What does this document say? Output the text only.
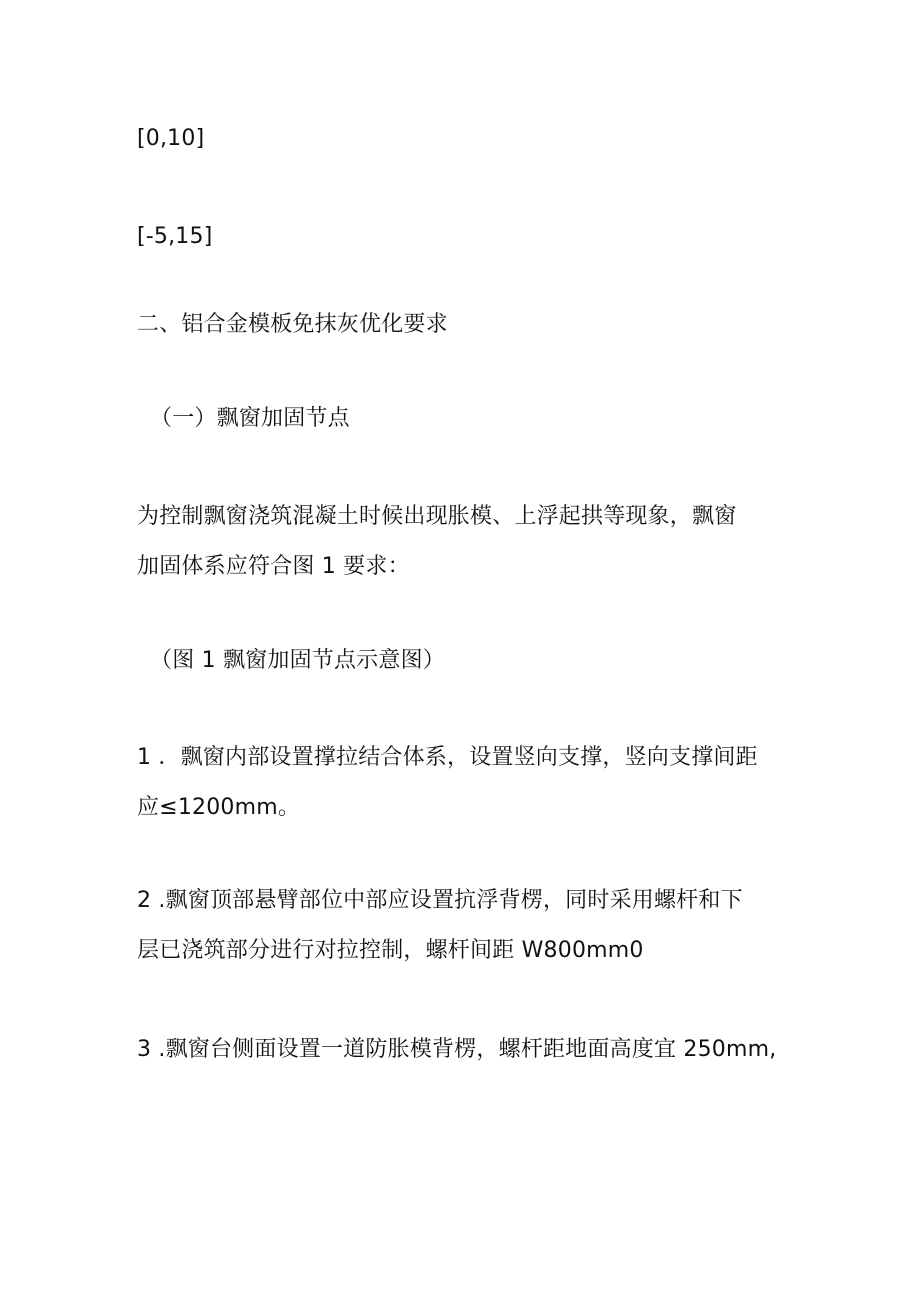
[0,10]
[-5,15]
二、铝合金模板免抹灰优化要求
（一）飘窗加固节点
为控制飘窗浇筑混凝土时候出现胀模、上浮起拱等现象，飘窗
加固体系应符合图 1 要求：
（图 1 飘窗加固节点示意图）
1 ．飘窗内部设置撑拉结合体系，设置竖向支撑，竖向支撑间距
应≤1200mm。
2 .飘窗顶部悬臂部位中部应设置抗浮背楞，同时采用螺杆和下
层已浇筑部分进行对拉控制，螺杆间距 W800mm0
3 .飘窗台侧面设置一道防胀模背楞，螺杆距地面高度宜 250mm,
